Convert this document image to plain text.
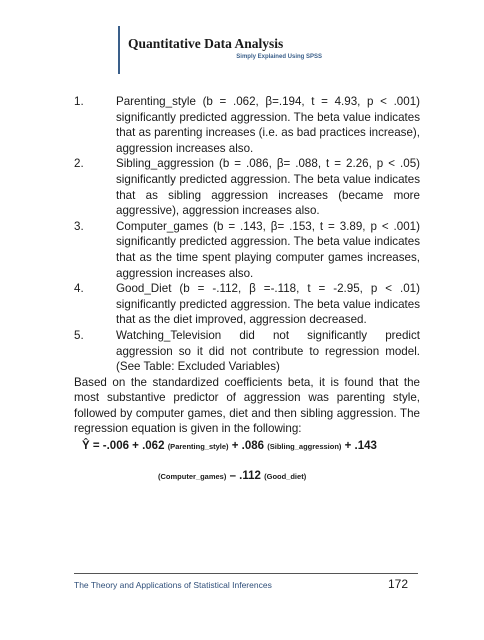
Quantitative Data Analysis
Simply Explained Using SPSS
1.	Parenting_style (b = .062, β=.194, t = 4.93, p < .001) significantly predicted aggression. The beta value indicates that as parenting increases (i.e. as bad practices increase), aggression increases also.
2.	Sibling_aggression (b = .086, β= .088, t = 2.26, p < .05) significantly predicted aggression. The beta value indicates that as sibling aggression increases (became more aggressive), aggression increases also.
3.	Computer_games (b = .143, β= .153, t = 3.89, p < .001) significantly predicted aggression. The beta value indicates that as the time spent playing computer games increases, aggression increases also.
4.	Good_Diet (b = -.112, β =-.118, t = -2.95, p < .01) significantly predicted aggression. The beta value indicates that as the diet improved, aggression decreased.
5.	Watching_Television did not significantly predict aggression so it did not contribute to regression model. (See Table: Excluded Variables)
Based on the standardized coefficients beta, it is found that the most substantive predictor of aggression was parenting style, followed by computer games, diet and then sibling aggression. The regression equation is given in the following:
Ŷ = -.006 + .062 (Parenting_style) + .086 (Sibling_aggression) + .143
(Computer_games) – .112 (Good_diet)
The Theory and Applications of Statistical Inferences	172
